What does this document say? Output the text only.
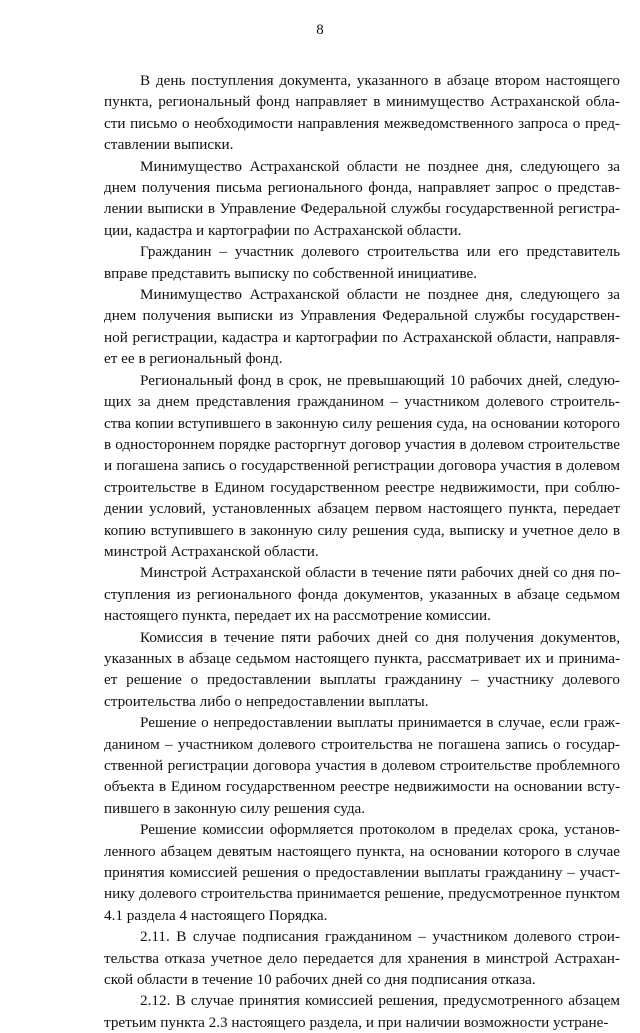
8

В день поступления документа, указанного в абзаце втором настоящего
пункта, региональный фонд направляет в минимущество Астраханской обла-
сти письмо о необходимости направления межведомственного запроса о пред-
ставлении выписки.

Минимущество Астраханской области не позднее дня, следующего за
днем получения письма регионального фонда, направляет запрос о представ-
лении выписки в Управление Федеральной службы государственной регистра-
ции, кадастра и картографии по Астраханской области.

Гражданин – участник долевого строительства или его представитель
вправе представить выписку по собственной инициативе.

Минимущество Астраханской области не позднее дня, следующего за
днем получения выписки из Управления Федеральной службы государствен-
ной регистрации, кадастра и картографии по Астраханской области, направля-
ет ее в региональный фонд.

Региональный фонд в срок, не превышающий 10 рабочих дней, следую-
щих за днем представления гражданином – участником долевого строитель-
ства копии вступившего в законную силу решения суда, на основании которого
в одностороннем порядке расторгнут договор участия в долевом строительстве
и погашена запись о государственной регистрации договора участия в долевом
строительстве в Едином государственном реестре недвижимости, при соблю-
дении условий, установленных абзацем первом настоящего пункта, передает
копию вступившего в законную силу решения суда, выписку и учетное дело в
минстрой Астраханской области.

Минстрой Астраханской области в течение пяти рабочих дней со дня по-
ступления из регионального фонда документов, указанных в абзаце седьмом
настоящего пункта, передает их на рассмотрение комиссии.

Комиссия в течение пяти рабочих дней со дня получения документов,
указанных в абзаце седьмом настоящего пункта, рассматривает их и принима-
ет решение о предоставлении выплаты гражданину – участнику долевого
строительства либо о непредоставлении выплаты.

Решение о непредоставлении выплаты принимается в случае, если граж-
данином – участником долевого строительства не погашена запись о государ-
ственной регистрации договора участия в долевом строительстве проблемного
объекта в Едином государственном реестре недвижимости на основании всту-
пившего в законную силу решения суда.

Решение комиссии оформляется протоколом в пределах срока, установ-
ленного абзацем девятым настоящего пункта, на основании которого в случае
принятия комиссией решения о предоставлении выплаты гражданину – участ-
нику долевого строительства принимается решение, предусмотренное пунктом
4.1 раздела 4 настоящего Порядка.

2.11. В случае подписания гражданином – участником долевого строи-
тельства отказа учетное дело передается для хранения в минстрой Астрахан-
ской области в течение 10 рабочих дней со дня подписания отказа.

2.12. В случае принятия комиссией решения, предусмотренного абзацем
третьим пункта 2.3 настоящего раздела, и при наличии возможности устране-
